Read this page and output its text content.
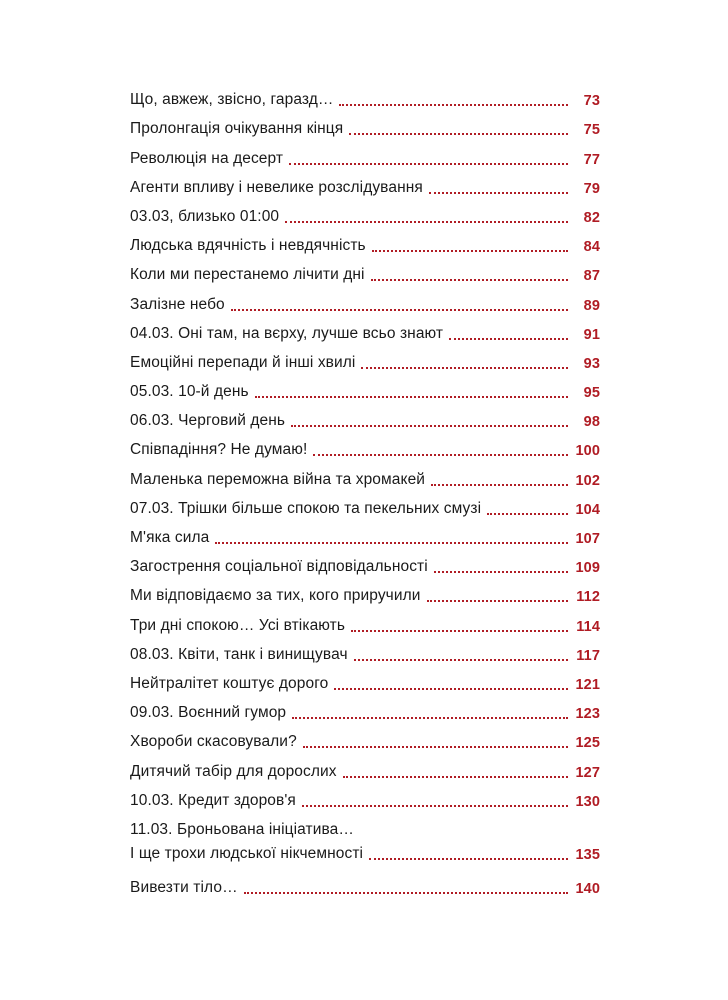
Що, авжеж, звісно, гаразд…	73
Пролонгація очікування кінця	75
Революція на десерт	77
Агенти впливу і невелике розслідування	79
03.03, близько 01:00	82
Людська вдячність і невдячність	84
Коли ми перестанемо лічити дні	87
Залізне небо	89
04.03. Оні там, на вєрху, лучше всьо знают	91
Емоційні перепади й інші хвилі	93
05.03. 10-й день	95
06.03. Черговий день	98
Співпадіння? Не думаю!	100
Маленька переможна війна та хромакей	102
07.03. Трішки більше спокою та пекельних смузі	104
М'яка сила	107
Загострення соціальної відповідальності	109
Ми відповідаємо за тих, кого приручили	112
Три дні спокою… Усі втікають	114
08.03. Квіти, танк і винищувач	117
Нейтралітет коштує дорого	121
09.03. Воєнний гумор	123
Хвороби скасовували?	125
Дитячий табір для дорослих	127
10.03. Кредит здоров'я	130
11.03. Броньована ініціатива…
І ще трохи людської нікчемності	135
Вивезти тіло…	140
